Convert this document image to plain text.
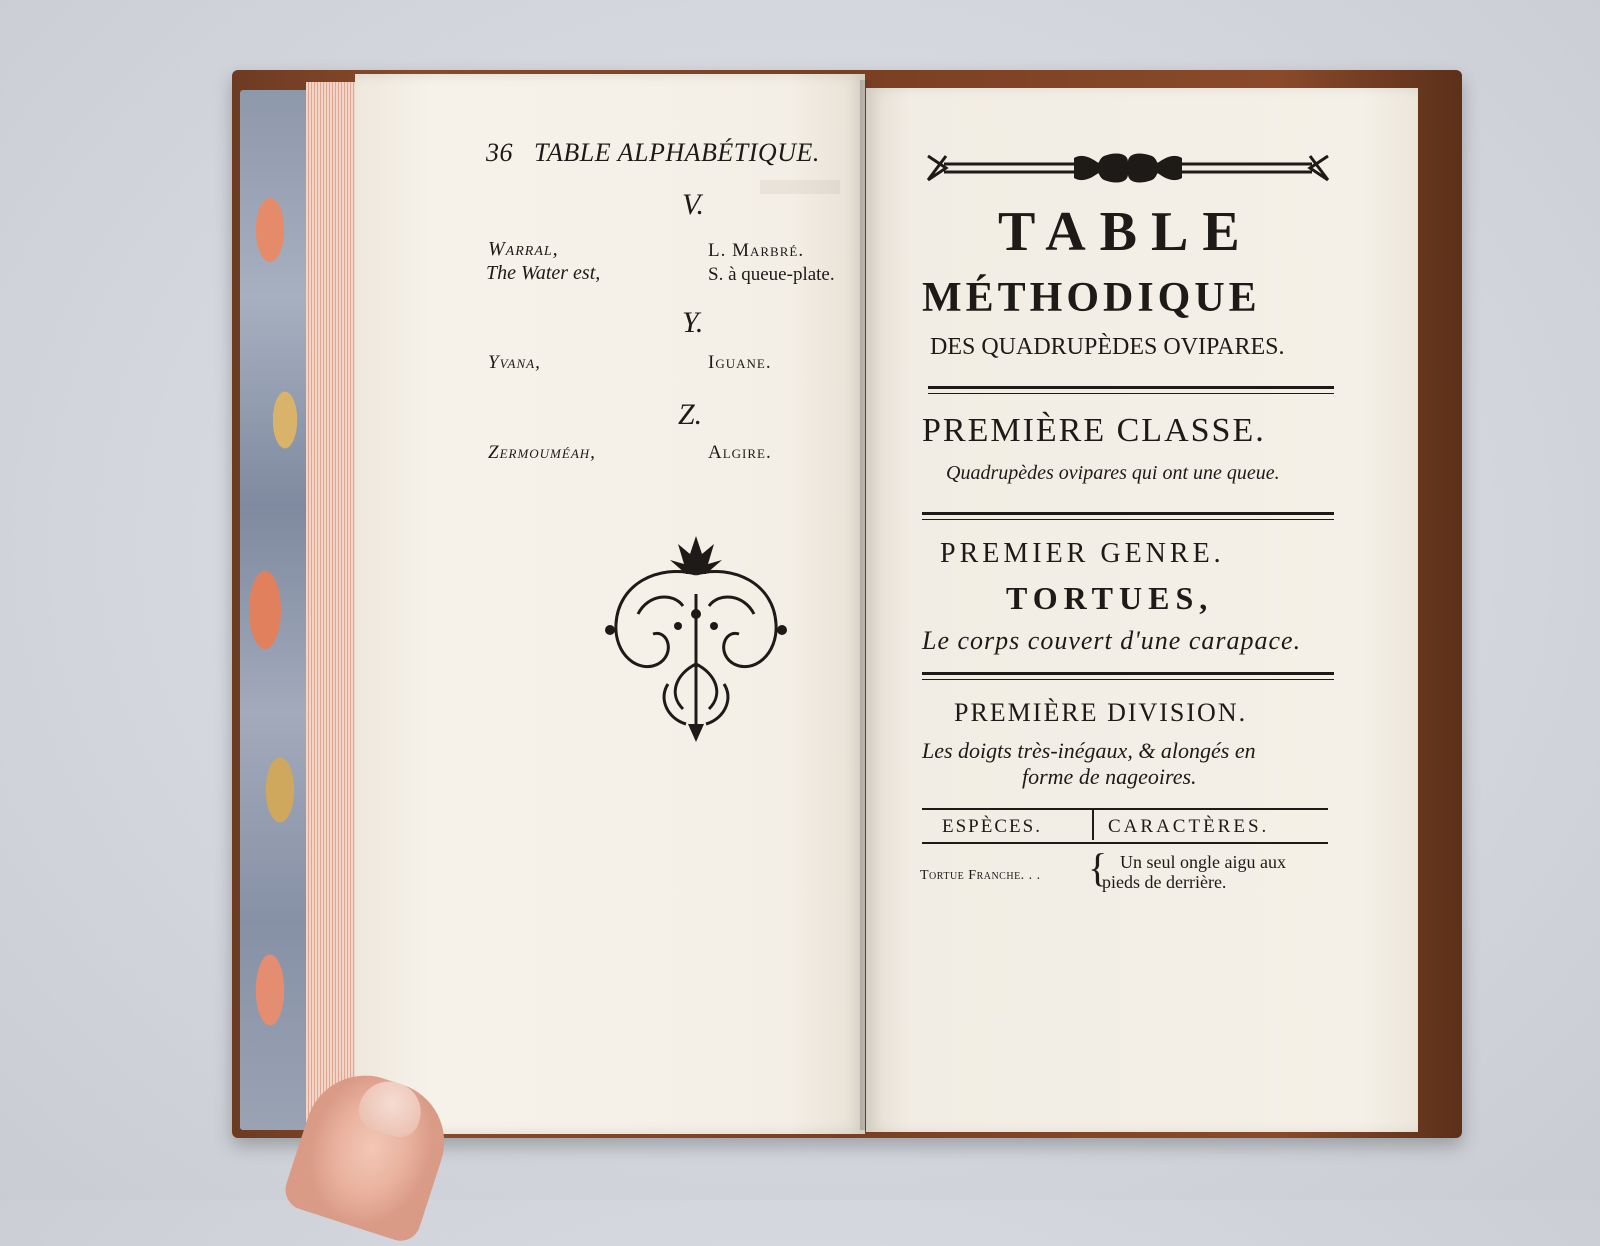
36 TABLE ALPHABÉTIQUE.
V.
Warral,	L. Marbré.
The Water est,	S. à queue-plate.
Y.
Yvana,	Iguane.
Z.
Zermouméah,	Algire.
TABLE
MÉTHODIQUE
DES QUADRUPÈDES OVIPARES.
PREMIÈRE CLASSE.
Quadrupèdes ovipares qui ont une queue.
PREMIER GENRE.
TORTUES,
Le corps couvert d'une carapace.
PREMIÈRE DIVISION.
Les doigts très-inégaux, & alongés en
forme de nageoires.
ESPÈCES.	CARACTÈRES.
Tortue Franche. . . { Un seul ongle aigu aux
pieds de derrière.
